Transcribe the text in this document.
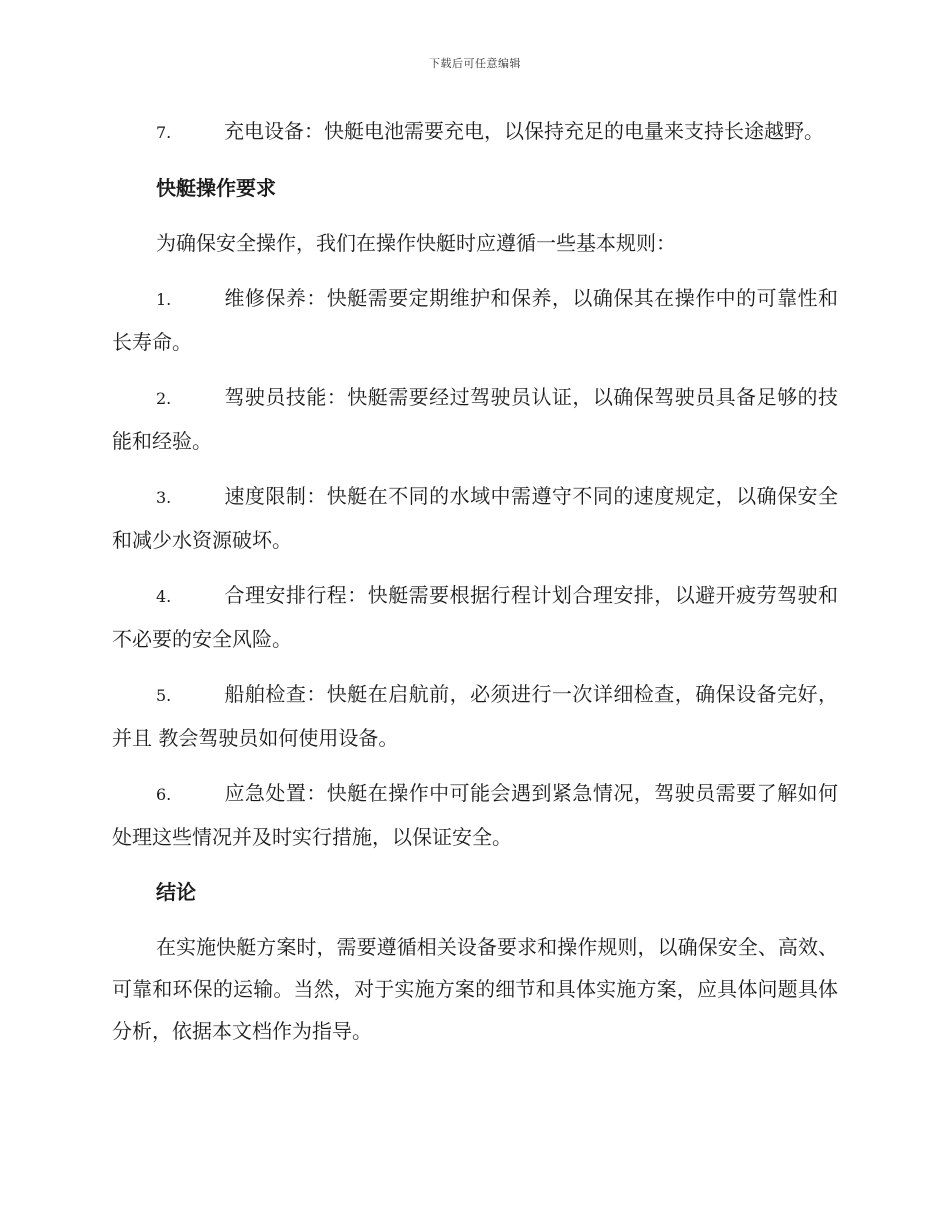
下载后可任意编辑

7.	充电设备：快艇电池需要充电，以保持充足的电量来支持长途越野。

快艇操作要求

为确保安全操作，我们在操作快艇时应遵循一些基本规则：

1.	维修保养：快艇需要定期维护和保养，以确保其在操作中的可靠性和长寿命。

2.	驾驶员技能：快艇需要经过驾驶员认证，以确保驾驶员具备足够的技能和经验。

3.	速度限制：快艇在不同的水域中需遵守不同的速度规定，以确保安全和减少水资源破坏。

4.	合理安排行程：快艇需要根据行程计划合理安排，以避开疲劳驾驶和不必要的安全风险。

5.	船舶检查：快艇在启航前，必须进行一次详细检查，确保设备完好，并且 教会驾驶员如何使用设备。

6.	应急处置：快艇在操作中可能会遇到紧急情况，驾驶员需要了解如何处理这些情况并及时实行措施，以保证安全。

结论

在实施快艇方案时，需要遵循相关设备要求和操作规则，以确保安全、高效、可靠和环保的运输。当然，对于实施方案的细节和具体实施方案，应具体问题具体分析，依据本文档作为指导。
